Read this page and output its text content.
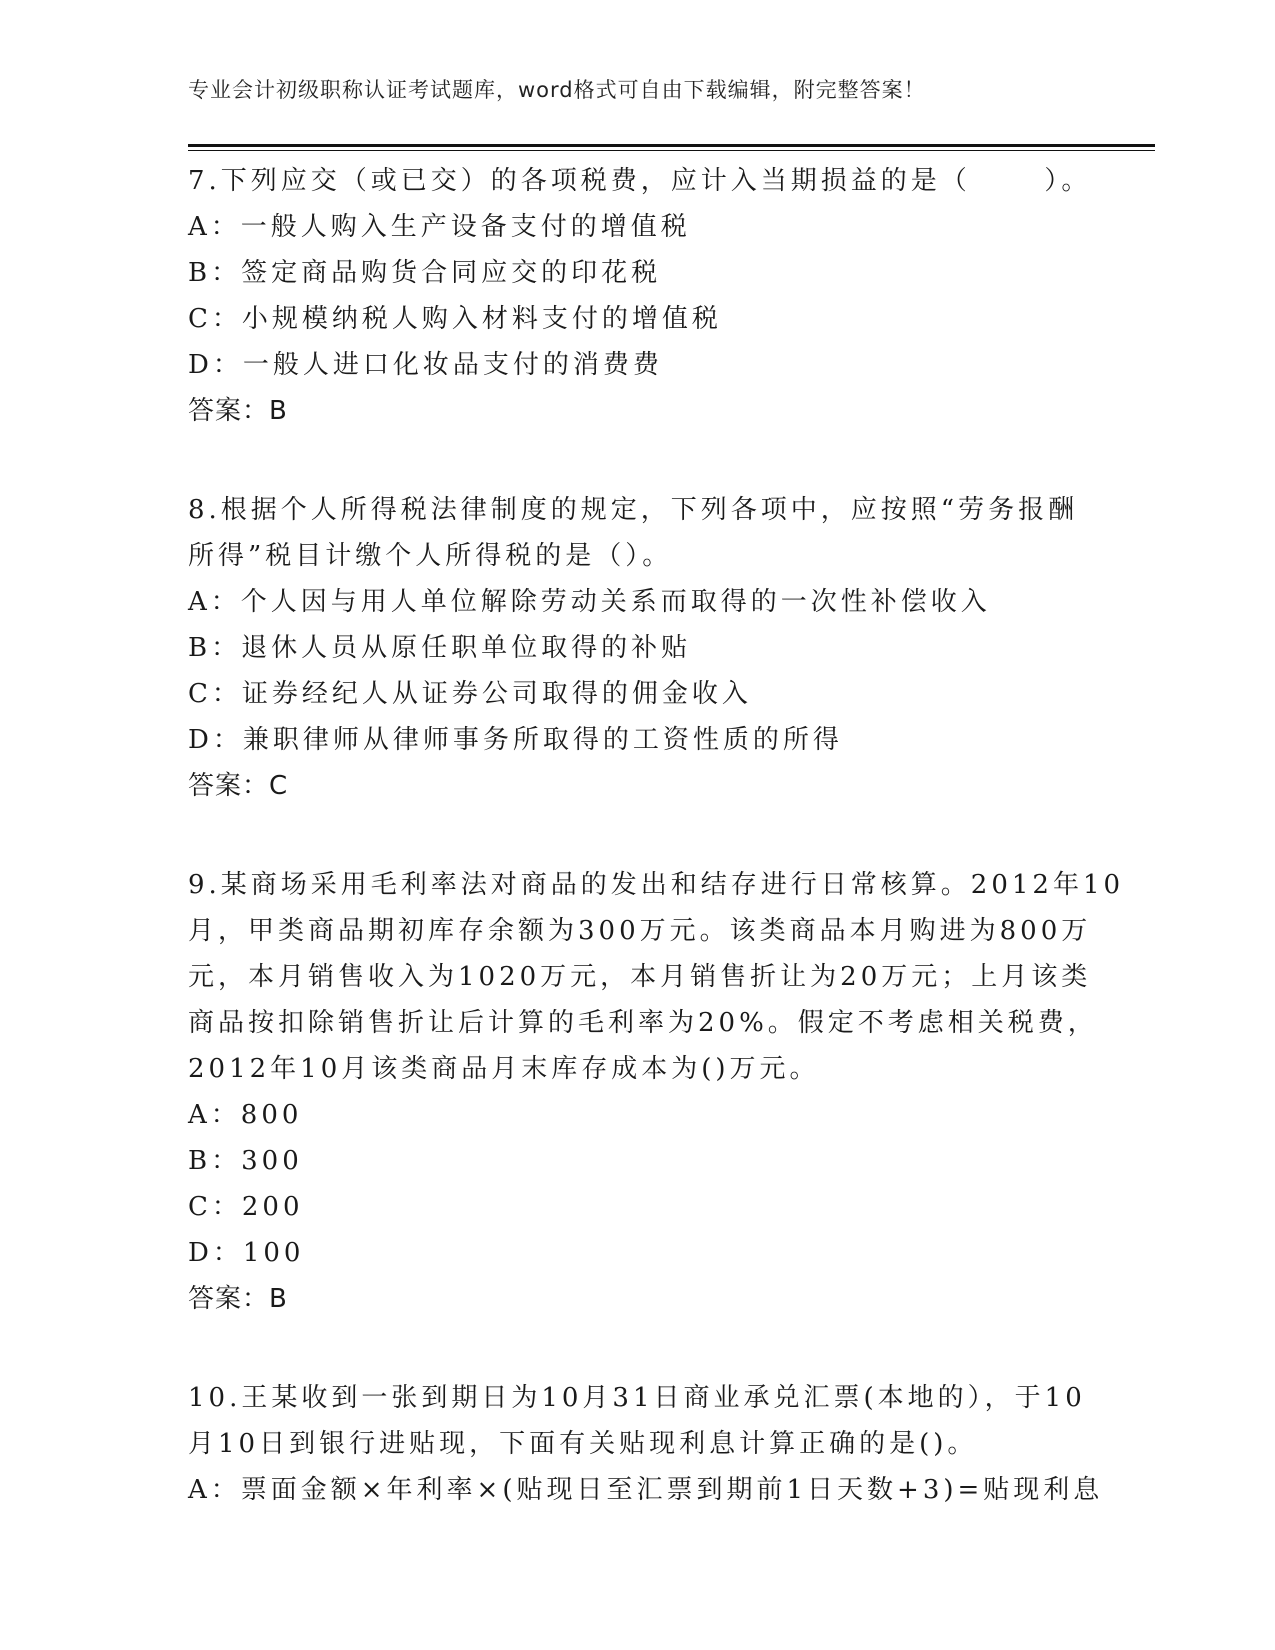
专业会计初级职称认证考试题库，word格式可自由下载编辑，附完整答案！
7.下列应交（或已交）的各项税费，应计入当期损益的是（      ）。
A：一般人购入生产设备支付的增值税
B：签定商品购货合同应交的印花税
C：小规模纳税人购入材料支付的增值税
D：一般人进口化妆品支付的消费费
答案：B
8.根据个人所得税法律制度的规定，下列各项中，应按照“劳务报酬
所得”税目计缴个人所得税的是（）。
A：个人因与用人单位解除劳动关系而取得的一次性补偿收入
B：退休人员从原任职单位取得的补贴
C：证券经纪人从证券公司取得的佣金收入
D：兼职律师从律师事务所取得的工资性质的所得
答案：C
9.某商场采用毛利率法对商品的发出和结存进行日常核算。2012年10
月，甲类商品期初库存余额为300万元。该类商品本月购进为800万
元，本月销售收入为1020万元，本月销售折让为20万元；上月该类
商品按扣除销售折让后计算的毛利率为20%。假定不考虑相关税费，
2012年10月该类商品月末库存成本为()万元。
A：800
B：300
C：200
D：100
答案：B
10.王某收到一张到期日为10月31日商业承兑汇票(本地的），于10
月10日到银行进贴现，下面有关贴现利息计算正确的是()。
A：票面金额×年利率×(贴现日至汇票到期前1日天数+3)=贴现利息
